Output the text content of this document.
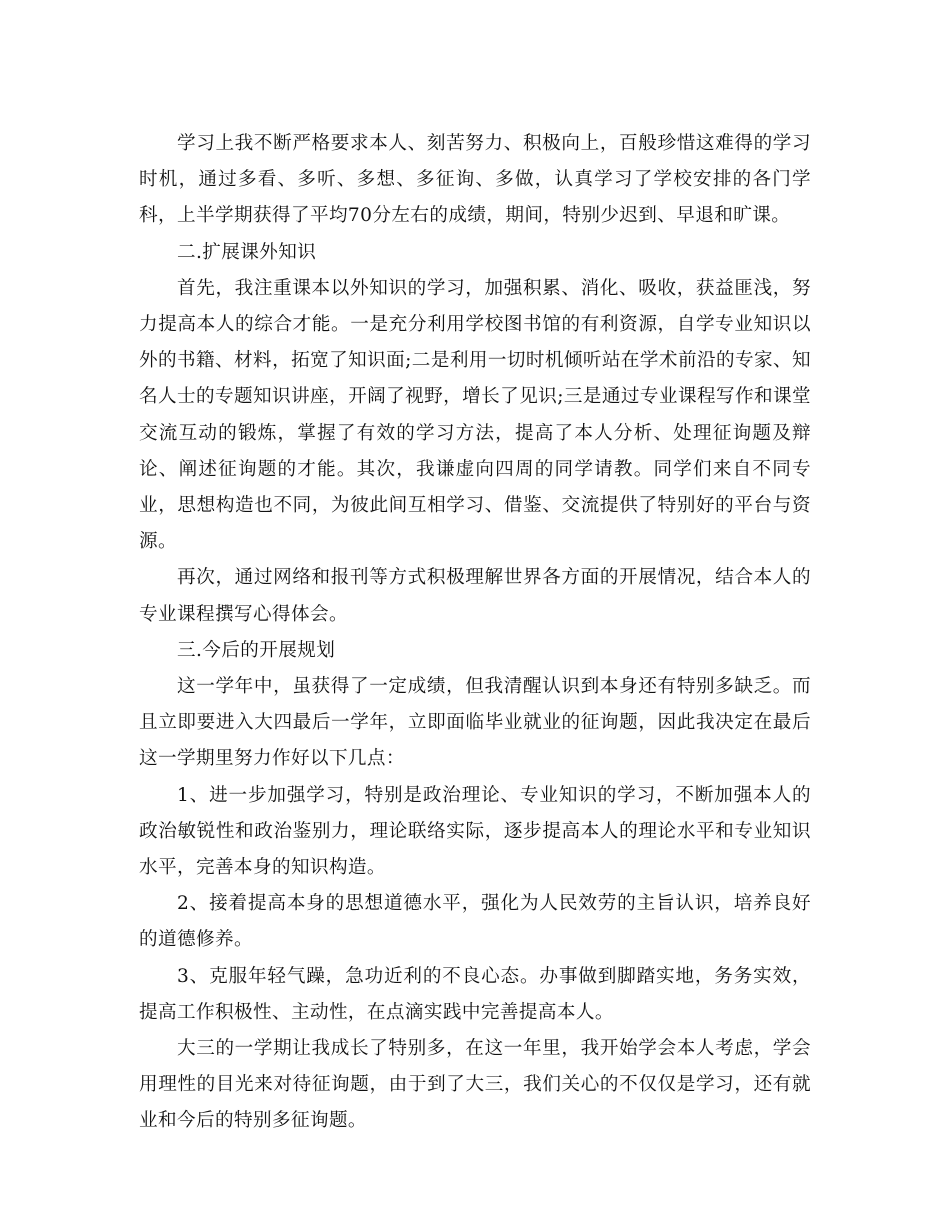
学习上我不断严格要求本人、刻苦努力、积极向上，百般珍惜这难得的学习时机，通过多看、多听、多想、多征询、多做，认真学习了学校安排的各门学科，上半学期获得了平均70分左右的成绩，期间，特别少迟到、早退和旷课。

二.扩展课外知识

首先，我注重课本以外知识的学习，加强积累、消化、吸收，获益匪浅，努力提高本人的综合才能。一是充分利用学校图书馆的有利资源，自学专业知识以外的书籍、材料，拓宽了知识面;二是利用一切时机倾听站在学术前沿的专家、知名人士的专题知识讲座，开阔了视野，增长了见识;三是通过专业课程写作和课堂交流互动的锻炼，掌握了有效的学习方法，提高了本人分析、处理征询题及辩论、阐述征询题的才能。其次，我谦虚向四周的同学请教。同学们来自不同专业，思想构造也不同，为彼此间互相学习、借鉴、交流提供了特别好的平台与资源。

再次，通过网络和报刊等方式积极理解世界各方面的开展情况，结合本人的专业课程撰写心得体会。

三.今后的开展规划

这一学年中，虽获得了一定成绩，但我清醒认识到本身还有特别多缺乏。而且立即要进入大四最后一学年，立即面临毕业就业的征询题，因此我决定在最后这一学期里努力作好以下几点：

1、进一步加强学习，特别是政治理论、专业知识的学习，不断加强本人的政治敏锐性和政治鉴别力，理论联络实际，逐步提高本人的理论水平和专业知识水平，完善本身的知识构造。

2、接着提高本身的思想道德水平，强化为人民效劳的主旨认识，培养良好的道德修养。

3、克服年轻气躁，急功近利的不良心态。办事做到脚踏实地，务务实效，提高工作积极性、主动性，在点滴实践中完善提高本人。

大三的一学期让我成长了特别多，在这一年里，我开始学会本人考虑，学会用理性的目光来对待征询题，由于到了大三，我们关心的不仅仅是学习，还有就业和今后的特别多征询题。
